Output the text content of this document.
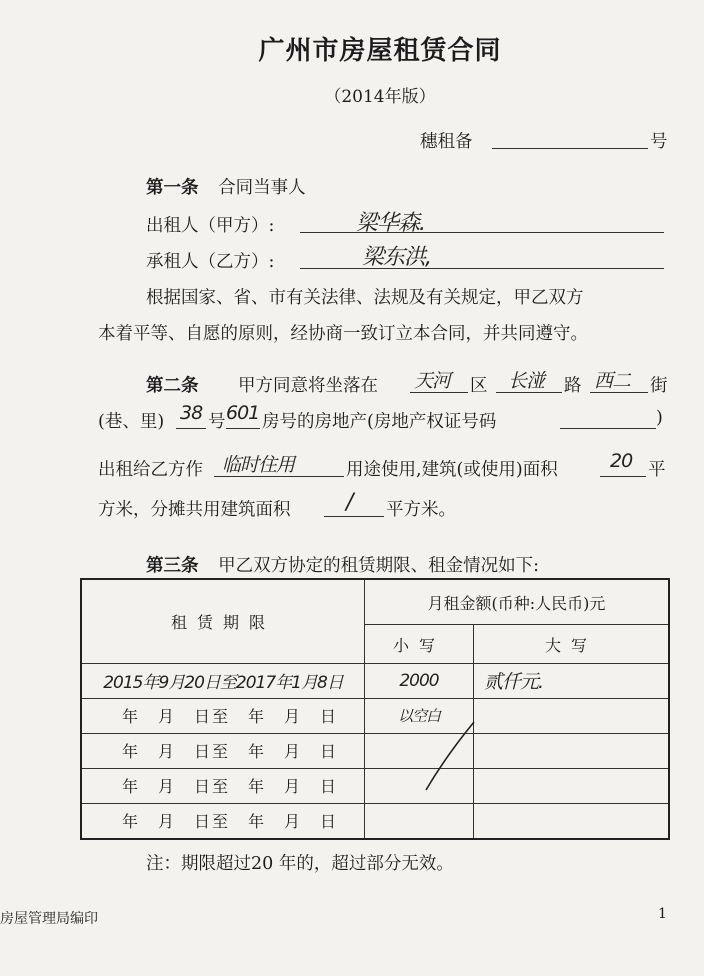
广州市房屋租赁合同
（2014年版）
穗租备	号
第一条 合同当事人
出租人（甲方）:	梁华森.
承租人（乙方）:	梁东洪,
根据国家、省、市有关法律、法规及有关规定，甲乙双方
本着平等、自愿的原则，经协商一致订立本合同，并共同遵守。
第二条 甲方同意将坐落在 天河 区 长湴 路 西二 街
(巷、里) 38 号 601 房号的房地产(房地产权证号码	)
出租给乙方作 临时住用	用途使用,建筑(或使用)面积	20 平
方米，分摊共用建筑面积	/ 平方米。
第三条 甲乙双方协定的租赁期限、租金情况如下:
租赁期限	月租金额(币种:人民币)元	
	小写	大写
2015年9月20日至2017年1月8日	2000	贰仟元.
年　月　日至　年　月　日	以空白	
年　月　日至　年　月　日		
年　月　日至　年　月　日		
年　月　日至　年　月　日		
注：期限超过20 年的，超过部分无效。
房屋管理局编印	1
